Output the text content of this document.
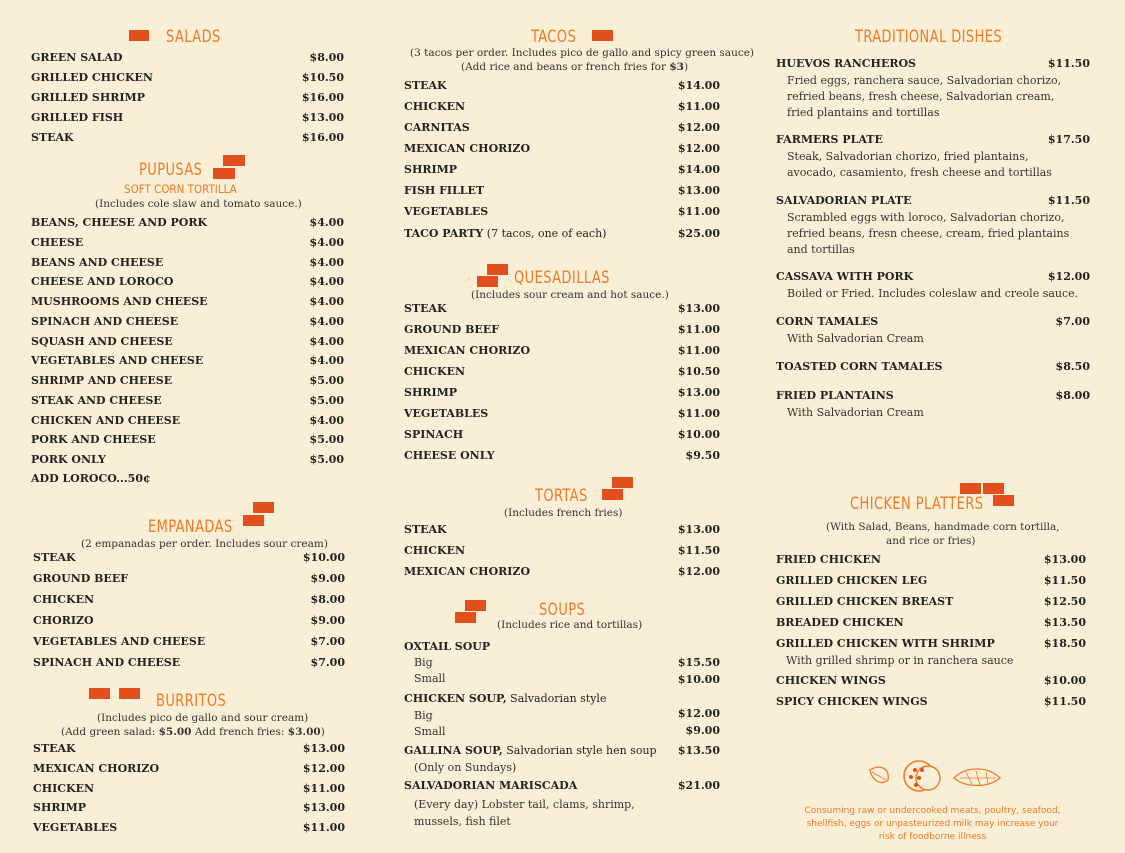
SALADS
GREEN SALAD	$8.00
GRILLED CHICKEN	$10.50
GRILLED SHRIMP	$16.00
GRILLED FISH	$13.00
STEAK	$16.00
PUPUSAS
SOFT CORN TORTILLA
(Includes cole slaw and tomato sauce.)
BEANS, CHEESE AND PORK	$4.00
CHEESE	$4.00
BEANS AND CHEESE	$4.00
CHEESE AND LOROCO	$4.00
MUSHROOMS AND CHEESE	$4.00
SPINACH AND CHEESE	$4.00
SQUASH AND CHEESE	$4.00
VEGETABLES AND CHEESE	$4.00
SHRIMP AND CHEESE	$5.00
STEAK AND CHEESE	$5.00
CHICKEN AND CHEESE	$4.00
PORK AND CHEESE	$5.00
PORK ONLY	$5.00
ADD LOROCO...50¢
EMPANADAS
(2 empanadas per order. Includes sour cream)
STEAK	$10.00
GROUND BEEF	$9.00
CHICKEN	$8.00
CHORIZO	$9.00
VEGETABLES AND CHEESE	$7.00
SPINACH AND CHEESE	$7.00
BURRITOS
(Includes pico de gallo and sour cream)
(Add green salad: $5.00 Add french fries: $3.00)
STEAK	$13.00
MEXICAN CHORIZO	$12.00
CHICKEN	$11.00
SHRIMP	$13.00
VEGETABLES	$11.00
TACOS
(3 tacos per order. Includes pico de gallo and spicy green sauce)
(Add rice and beans or french fries for $3)
STEAK	$14.00
CHICKEN	$11.00
CARNITAS	$12.00
MEXICAN CHORIZO	$12.00
SHRIMP	$14.00
FISH FILLET	$13.00
VEGETABLES	$11.00
TACO PARTY (7 tacos, one of each)	$25.00
QUESADILLAS
(Includes sour cream and hot sauce.)
STEAK	$13.00
GROUND BEEF	$11.00
MEXICAN CHORIZO	$11.00
CHICKEN	$10.50
SHRIMP	$13.00
VEGETABLES	$11.00
SPINACH	$10.00
CHEESE ONLY	$9.50
TORTAS
(Includes french fries)
STEAK	$13.00
CHICKEN	$11.50
MEXICAN CHORIZO	$12.00
SOUPS
(Includes rice and tortillas)
OXTAIL SOUP
Big	$15.50
Small	$10.00
CHICKEN SOUP, Salvadorian style
Big	$12.00
Small	$9.00
GALLINA SOUP, Salvadorian style hen soup $13.50
(Only on Sundays)
SALVADORIAN MARISCADA	$21.00
(Every day) Lobster tail, clams, shrimp,
mussels, fish filet
TRADITIONAL DISHES
HUEVOS RANCHEROS	$11.50
Fried eggs, ranchera sauce, Salvadorian chorizo,
refried beans, fresh cheese, Salvadorian cream,
fried plantains and tortillas
FARMERS PLATE	$17.50
Steak, Salvadorian chorizo, fried plantains,
avocado, casamiento, fresh cheese and tortillas
SALVADORIAN PLATE	$11.50
Scrambled eggs with loroco, Salvadorian chorizo,
refried beans, fresn cheese, cream, fried plantains
and tortillas
CASSAVA WITH PORK	$12.00
Boiled or Fried. Includes coleslaw and creole sauce.
CORN TAMALES	$7.00
With Salvadorian Cream
TOASTED CORN TAMALES	$8.50
FRIED PLANTAINS	$8.00
With Salvadorian Cream
CHICKEN PLATTERS
(With Salad, Beans, handmade corn tortilla,
and rice or fries)
FRIED CHICKEN	$13.00
GRILLED CHICKEN LEG	$11.50
GRILLED CHICKEN BREAST	$12.50
BREADED CHICKEN	$13.50
GRILLED CHICKEN WITH SHRIMP	$18.50
With grilled shrimp or in ranchera sauce
CHICKEN WINGS	$10.00
SPICY CHICKEN WINGS	$11.50
Consuming raw or undercooked meats, poultry, seafood,
shellfish, eggs or unpasteurized milk may increase your
risk of foodborne illness
